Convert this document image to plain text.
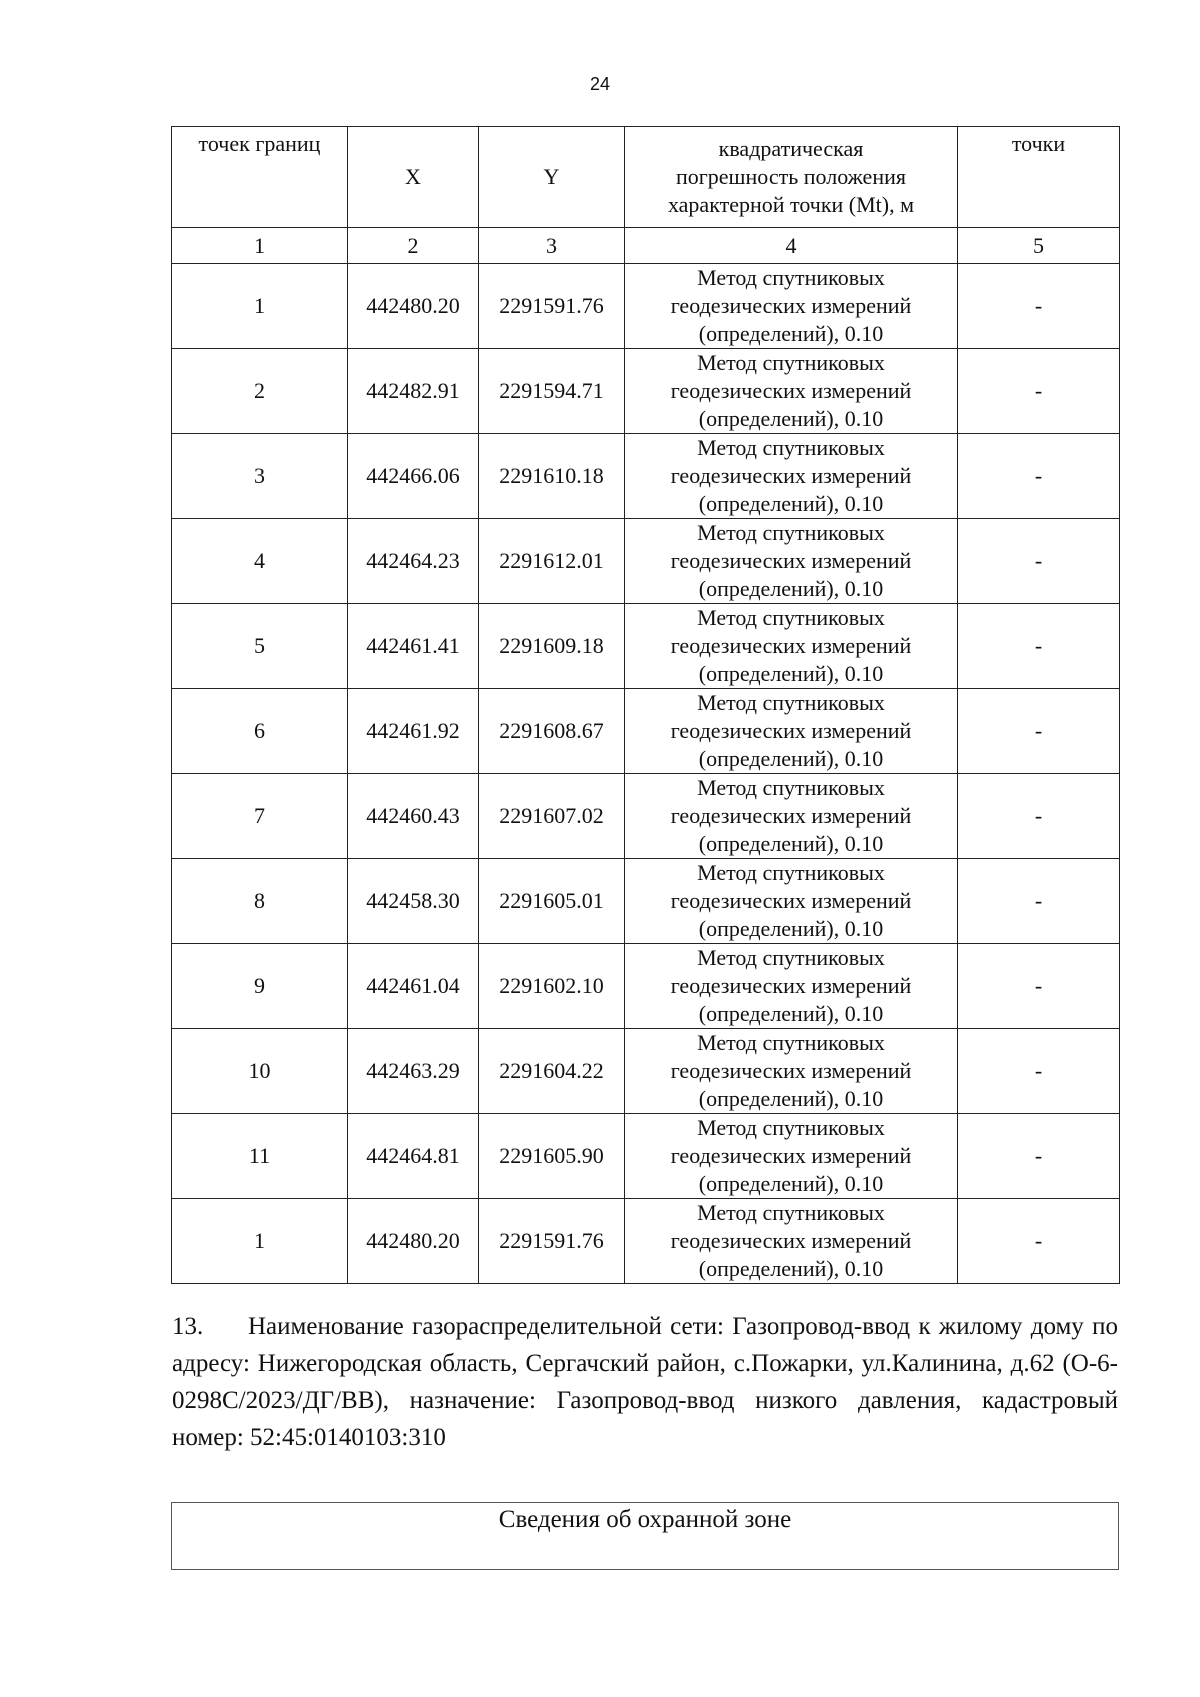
24
точек границ	X	Y	квадратическая
погрешность положения
характерной точки (Mt), м	точки
1	2	3	4	5
1	442480.20	2291591.76	Метод спутниковых
геодезических измерений
(определений), 0.10	-
2	442482.91	2291594.71	Метод спутниковых
геодезических измерений
(определений), 0.10	-
3	442466.06	2291610.18	Метод спутниковых
геодезических измерений
(определений), 0.10	-
4	442464.23	2291612.01	Метод спутниковых
геодезических измерений
(определений), 0.10	-
5	442461.41	2291609.18	Метод спутниковых
геодезических измерений
(определений), 0.10	-
6	442461.92	2291608.67	Метод спутниковых
геодезических измерений
(определений), 0.10	-
7	442460.43	2291607.02	Метод спутниковых
геодезических измерений
(определений), 0.10	-
8	442458.30	2291605.01	Метод спутниковых
геодезических измерений
(определений), 0.10	-
9	442461.04	2291602.10	Метод спутниковых
геодезических измерений
(определений), 0.10	-
10	442463.29	2291604.22	Метод спутниковых
геодезических измерений
(определений), 0.10	-
11	442464.81	2291605.90	Метод спутниковых
геодезических измерений
(определений), 0.10	-
1	442480.20	2291591.76	Метод спутниковых
геодезических измерений
(определений), 0.10	-
13. Наименование газораспределительной сети: Газопровод-ввод к жилому дому по адресу: Нижегородская область, Сергачский район, с.Пожарки, ул.Калинина, д.62 (О-6-0298С/2023/ДГ/ВВ), назначение: Газопровод-ввод низкого давления, кадастровый номер: 52:45:0140103:310
Сведения об охранной зоне
